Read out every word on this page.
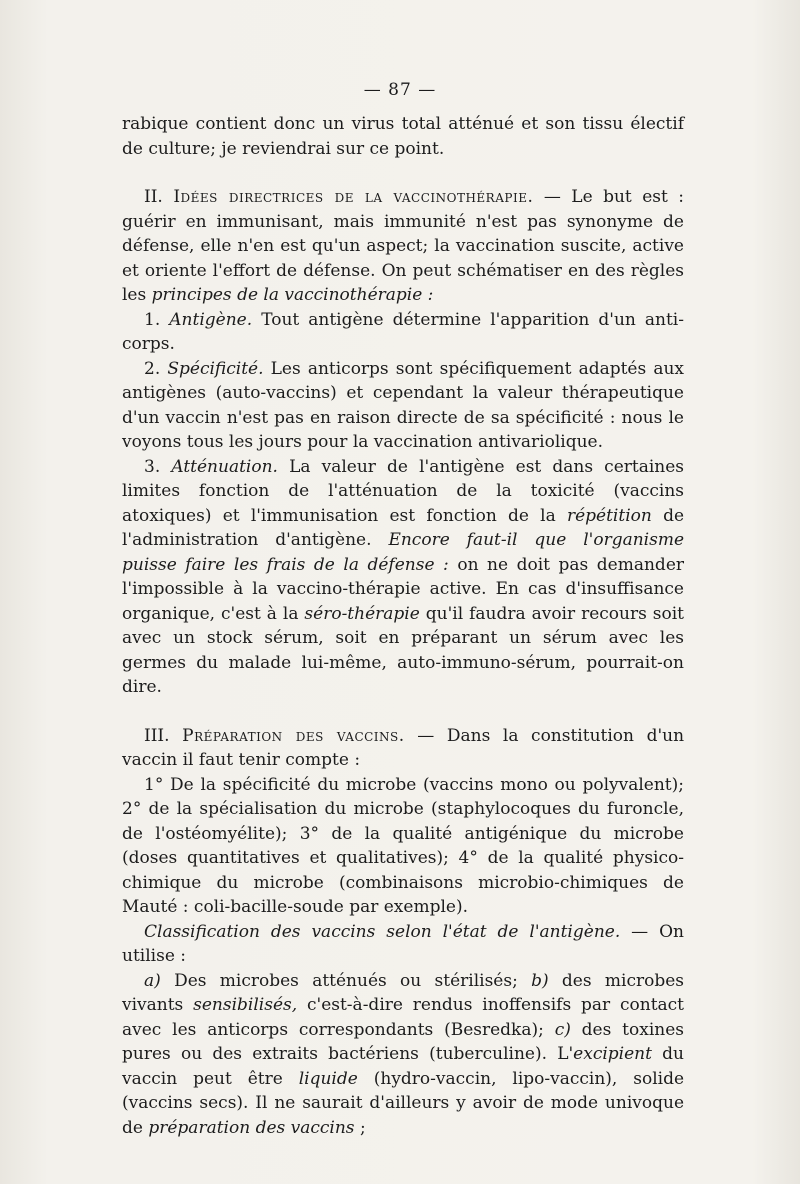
— 87 —

rabique contient donc un virus total atténué et son tissu électif de culture; je reviendrai sur ce point.

II. Idées directrices de la vaccinothérapie. — Le but est : guérir en immunisant, mais immunité n'est pas synonyme de défense, elle n'en est qu'un aspect; la vaccination suscite, active et oriente l'effort de défense. On peut schématiser en des règles les principes de la vaccinothérapie :

1. Antigène. Tout antigène détermine l'apparition d'un anti-corps.

2. Spécificité. Les anticorps sont spécifiquement adaptés aux antigènes (auto-vaccins) et cependant la valeur thérapeutique d'un vaccin n'est pas en raison directe de sa spécificité : nous le voyons tous les jours pour la vaccination antivariolique.

3. Atténuation. La valeur de l'antigène est dans certaines limites fonction de l'atténuation de la toxicité (vaccins atoxiques) et l'immunisation est fonction de la répétition de l'administration d'antigène. Encore faut-il que l'organisme puisse faire les frais de la défense : on ne doit pas demander l'impossible à la vaccino-thérapie active. En cas d'insuffisance organique, c'est à la séro-thérapie qu'il faudra avoir recours soit avec un stock sérum, soit en préparant un sérum avec les germes du malade lui-même, auto-immuno-sérum, pourrait-on dire.

III. Préparation des vaccins. — Dans la constitution d'un vaccin il faut tenir compte :

1° De la spécificité du microbe (vaccins mono ou polyvalent); 2° de la spécialisation du microbe (staphylocoques du furoncle, de l'ostéomyélite); 3° de la qualité antigénique du microbe (doses quantitatives et qualitatives); 4° de la qualité physico-chimique du microbe (combinaisons microbio-chimiques de Mauté : coli-bacille-soude par exemple).

Classification des vaccins selon l'état de l'antigène. — On utilise :

a) Des microbes atténués ou stérilisés; b) des microbes vivants sensibilisés, c'est-à-dire rendus inoffensifs par contact avec les anticorps correspondants (Besredka); c) des toxines pures ou des extraits bactériens (tuberculine). L'excipient du vaccin peut être liquide (hydro-vaccin, lipo-vaccin), solide (vaccins secs). Il ne saurait d'ailleurs y avoir de mode univoque de préparation des vaccins ;
